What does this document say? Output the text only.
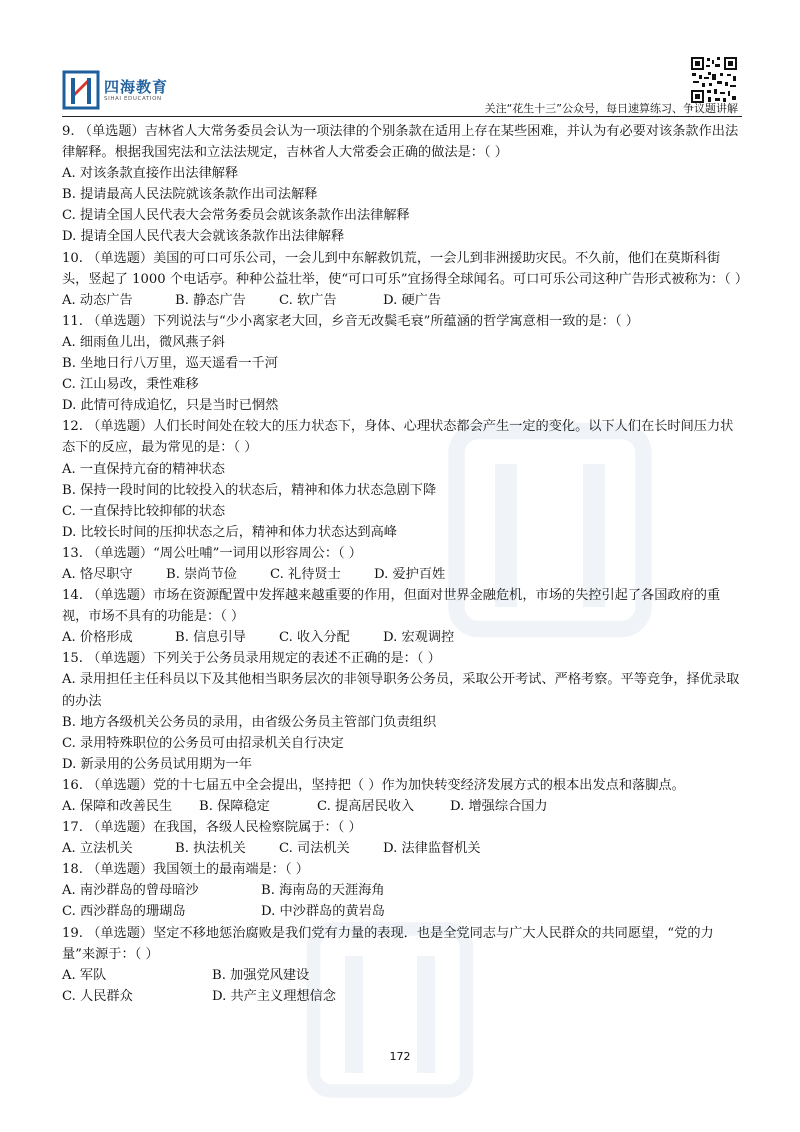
四海教育
SIHAI EDUCATION
关注“花生十三”公众号，每日速算练习、争议题讲解

9. （单选题）吉林省人大常务委员会认为一项法律的个别条款在适用上存在某些困难，并认为有必要对该条款作出法律解释。根据我国宪法和立法法规定，吉林省人大常委会正确的做法是：（ ）

A. 对该条款直接作出法律解释

B. 提请最高人民法院就该条款作出司法解释

C. 提请全国人民代表大会常务委员会就该条款作出法律解释

D. 提请全国人民代表大会就该条款作出法律解释

10. （单选题）美国的可口可乐公司，一会儿到中东解救饥荒，一会儿到非洲援助灾民。不久前，他们在莫斯科街头，竖起了 1000 个电话亭。种种公益壮举，使“可口可乐”宜扬得全球闻名。可口可乐公司这种广告形式被称为：（ ）

A. 动态广告	B. 静态广告	C. 软广告	D. 硬广告

11. （单选题）下列说法与“少小离家老大回，乡音无改鬓毛衰”所蕴涵的哲学寓意相一致的是：（ ）

A. 细雨鱼儿出，微风燕子斜

B. 坐地日行八万里，巡天遥看一千河

C. 江山易改，秉性难移

D. 此情可待成追忆，只是当时已惘然

12. （单选题）人们长时间处在较大的压力状态下，身体、心理状态都会产生一定的变化。以下人们在长时间压力状态下的反应，最为常见的是：（ ）

A. 一直保持亢奋的精神状态

B. 保持一段时间的比较投入的状态后，精神和体力状态急剧下降

C. 一直保持比较抑郁的状态

D. 比较长时间的压抑状态之后，精神和体力状态达到高峰

13. （单选题）“周公吐哺”一词用以形容周公：（ ）

A. 恪尽职守	B. 崇尚节俭	C. 礼待贤士	D. 爱护百姓

14. （单选题）市场在资源配置中发挥越来越重要的作用，但面对世界金融危机，市场的失控引起了各国政府的重视，市场不具有的功能是：（ ）

A. 价格形成	B. 信息引导	C. 收入分配	D. 宏观调控

15. （单选题）下列关于公务员录用规定的表述不正确的是：（ ）

A. 录用担任主任科员以下及其他相当职务层次的非领导职务公务员，采取公开考试、严格考察。平等竞争，择优录取的办法

B. 地方各级机关公务员的录用，由省级公务员主管部门负责组织

C. 录用特殊职位的公务员可由招录机关自行决定

D. 新录用的公务员试用期为一年

16. （单选题）党的十七届五中全会提出，坚持把（ ）作为加快转变经济发展方式的根本出发点和落脚点。

A. 保障和改善民生	B. 保障稳定	C. 提高居民收入	D. 增强综合国力

17. （单选题）在我国，各级人民检察院属于：（ ）

A. 立法机关	B. 执法机关	C. 司法机关	D. 法律监督机关

18. （单选题）我国领土的最南端是：（ ）

A. 南沙群岛的曾母暗沙	B. 海南岛的天涯海角
C. 西沙群岛的珊瑚岛	D. 中沙群岛的黄岩岛

19. （单选题）坚定不移地惩治腐败是我们党有力量的表现．也是全党同志与广大人民群众的共同愿望，“党的力量”来源于：（ ）

A. 军队	B. 加强党风建设
C. 人民群众	D. 共产主义理想信念
172
